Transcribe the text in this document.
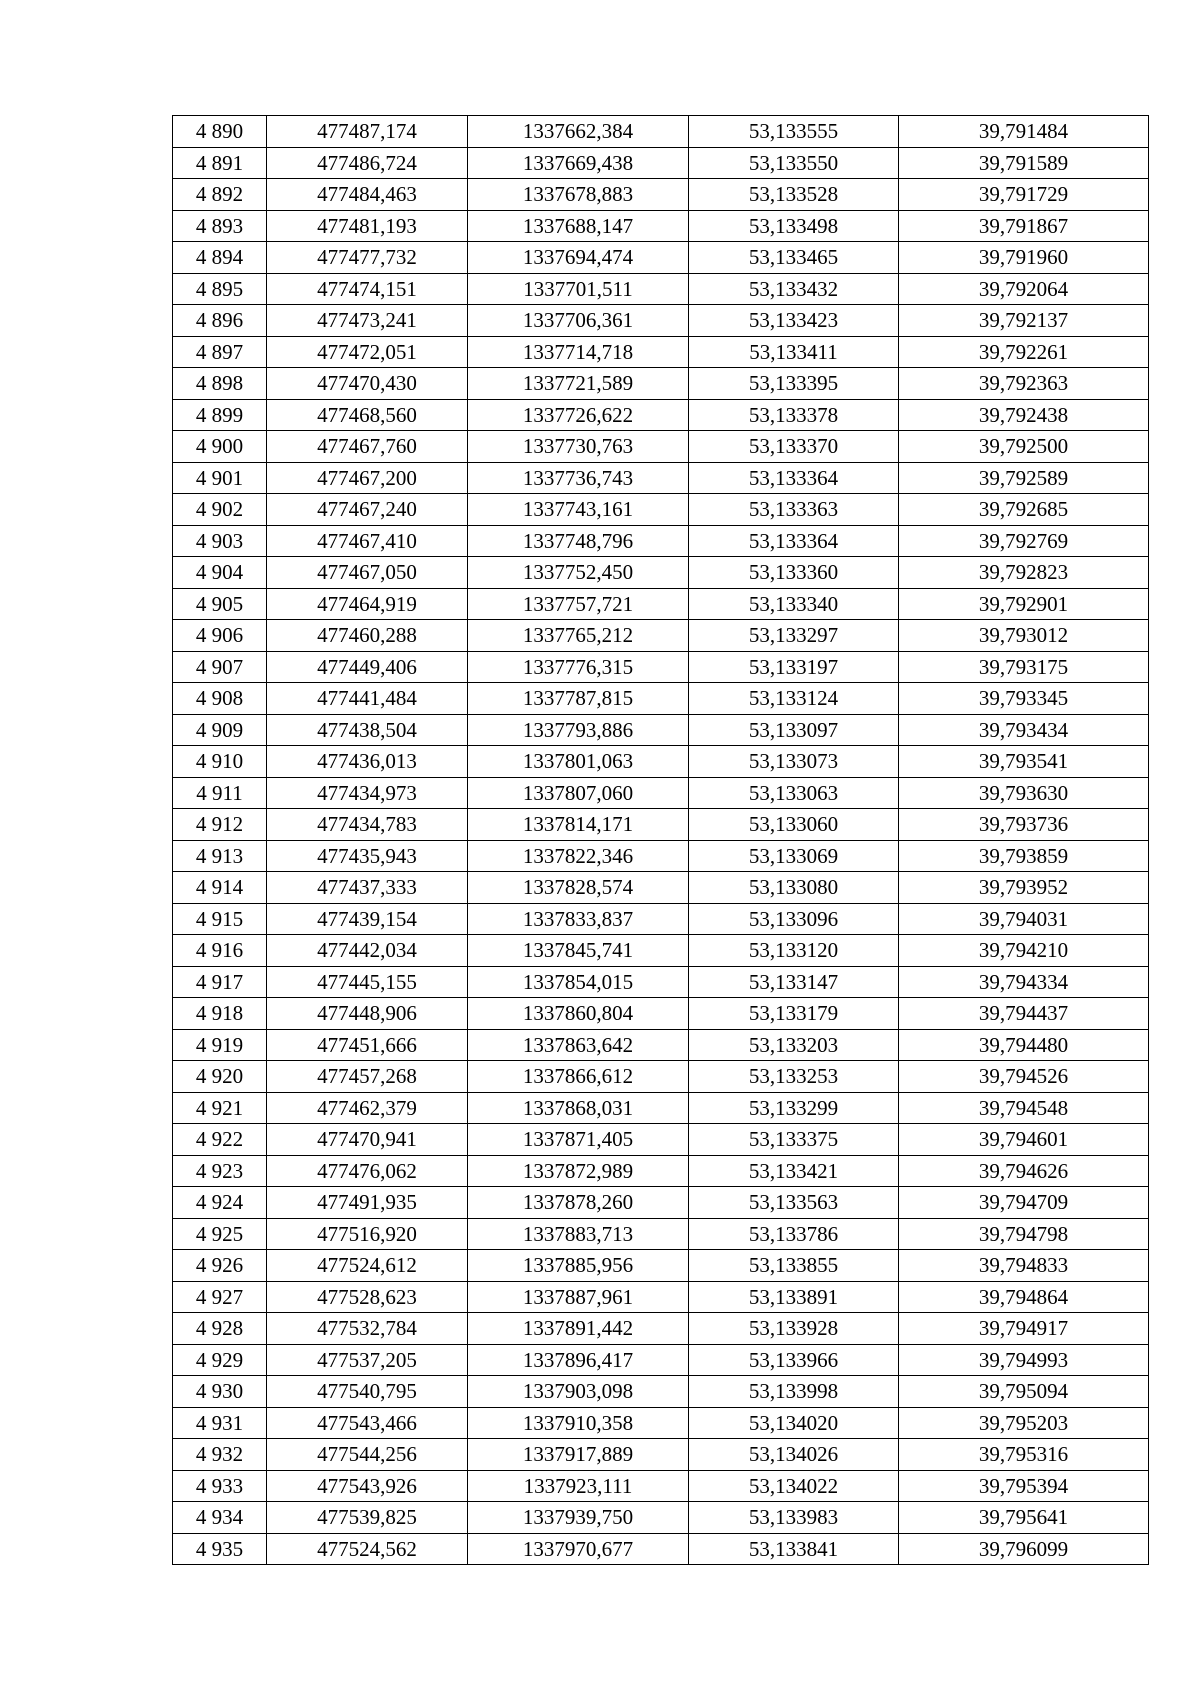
4 890	477487,174	1337662,384	53,133555	39,791484
4 891	477486,724	1337669,438	53,133550	39,791589
4 892	477484,463	1337678,883	53,133528	39,791729
4 893	477481,193	1337688,147	53,133498	39,791867
4 894	477477,732	1337694,474	53,133465	39,791960
4 895	477474,151	1337701,511	53,133432	39,792064
4 896	477473,241	1337706,361	53,133423	39,792137
4 897	477472,051	1337714,718	53,133411	39,792261
4 898	477470,430	1337721,589	53,133395	39,792363
4 899	477468,560	1337726,622	53,133378	39,792438
4 900	477467,760	1337730,763	53,133370	39,792500
4 901	477467,200	1337736,743	53,133364	39,792589
4 902	477467,240	1337743,161	53,133363	39,792685
4 903	477467,410	1337748,796	53,133364	39,792769
4 904	477467,050	1337752,450	53,133360	39,792823
4 905	477464,919	1337757,721	53,133340	39,792901
4 906	477460,288	1337765,212	53,133297	39,793012
4 907	477449,406	1337776,315	53,133197	39,793175
4 908	477441,484	1337787,815	53,133124	39,793345
4 909	477438,504	1337793,886	53,133097	39,793434
4 910	477436,013	1337801,063	53,133073	39,793541
4 911	477434,973	1337807,060	53,133063	39,793630
4 912	477434,783	1337814,171	53,133060	39,793736
4 913	477435,943	1337822,346	53,133069	39,793859
4 914	477437,333	1337828,574	53,133080	39,793952
4 915	477439,154	1337833,837	53,133096	39,794031
4 916	477442,034	1337845,741	53,133120	39,794210
4 917	477445,155	1337854,015	53,133147	39,794334
4 918	477448,906	1337860,804	53,133179	39,794437
4 919	477451,666	1337863,642	53,133203	39,794480
4 920	477457,268	1337866,612	53,133253	39,794526
4 921	477462,379	1337868,031	53,133299	39,794548
4 922	477470,941	1337871,405	53,133375	39,794601
4 923	477476,062	1337872,989	53,133421	39,794626
4 924	477491,935	1337878,260	53,133563	39,794709
4 925	477516,920	1337883,713	53,133786	39,794798
4 926	477524,612	1337885,956	53,133855	39,794833
4 927	477528,623	1337887,961	53,133891	39,794864
4 928	477532,784	1337891,442	53,133928	39,794917
4 929	477537,205	1337896,417	53,133966	39,794993
4 930	477540,795	1337903,098	53,133998	39,795094
4 931	477543,466	1337910,358	53,134020	39,795203
4 932	477544,256	1337917,889	53,134026	39,795316
4 933	477543,926	1337923,111	53,134022	39,795394
4 934	477539,825	1337939,750	53,133983	39,795641
4 935	477524,562	1337970,677	53,133841	39,796099
